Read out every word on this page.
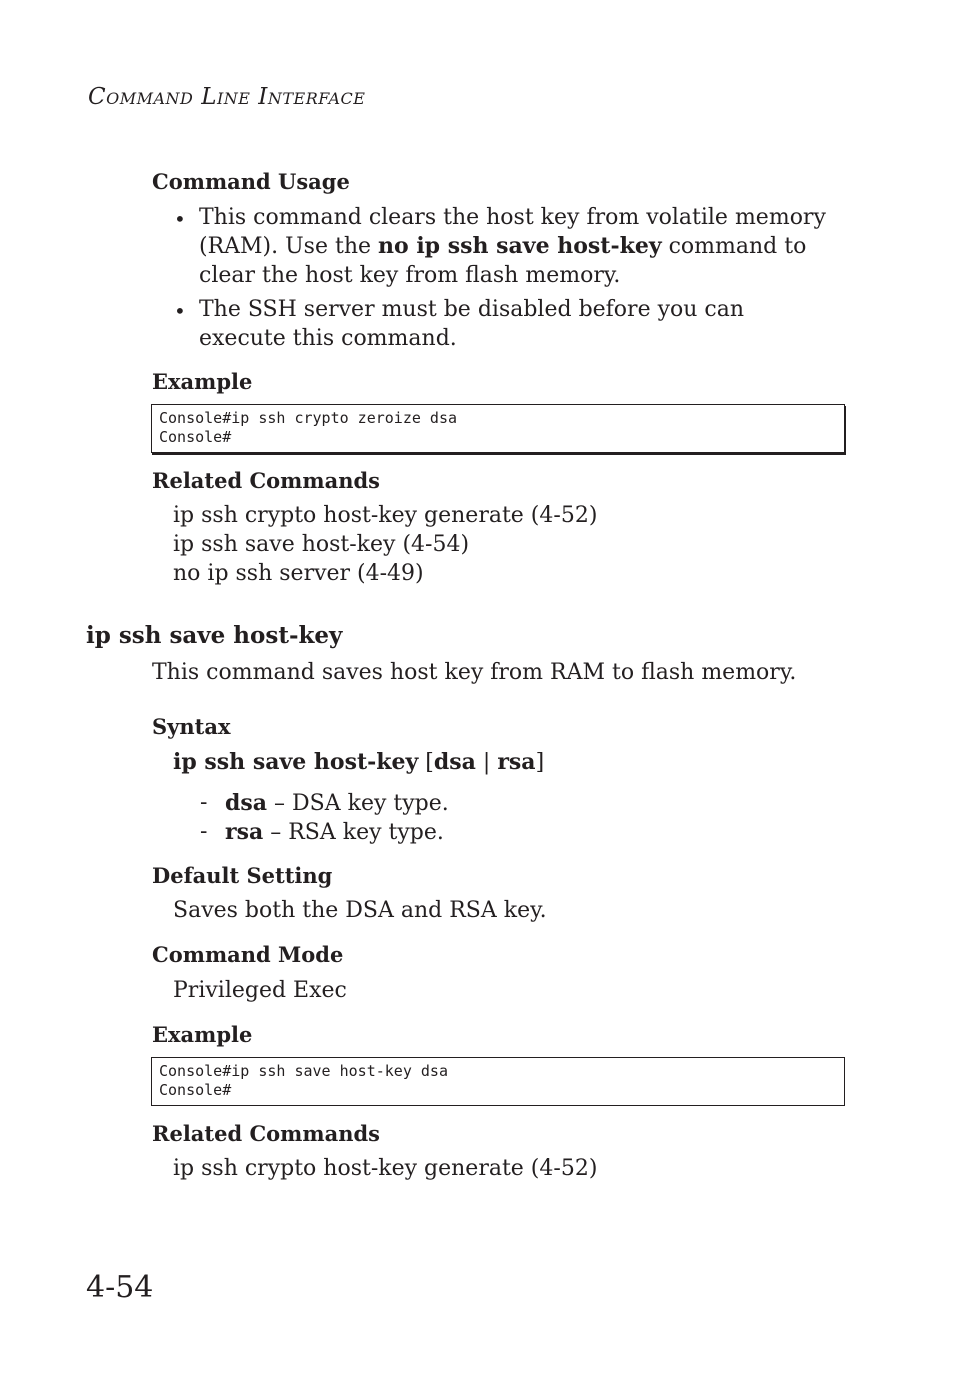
COMMAND LINE INTERFACE
Command Usage
• This command clears the host key from volatile memory (RAM). Use the no ip ssh save host-key command to clear the host key from flash memory.
• The SSH server must be disabled before you can execute this command.
Example
Console#ip ssh crypto zeroize dsa
Console#
Related Commands
ip ssh crypto host-key generate (4-52)
ip ssh save host-key (4-54)
no ip ssh server (4-49)
ip ssh save host-key
This command saves host key from RAM to flash memory.
Syntax
ip ssh save host-key [dsa | rsa]
- dsa – DSA key type.
- rsa – RSA key type.
Default Setting
Saves both the DSA and RSA key.
Command Mode
Privileged Exec
Example
Console#ip ssh save host-key dsa
Console#
Related Commands
ip ssh crypto host-key generate (4-52)
4-54
